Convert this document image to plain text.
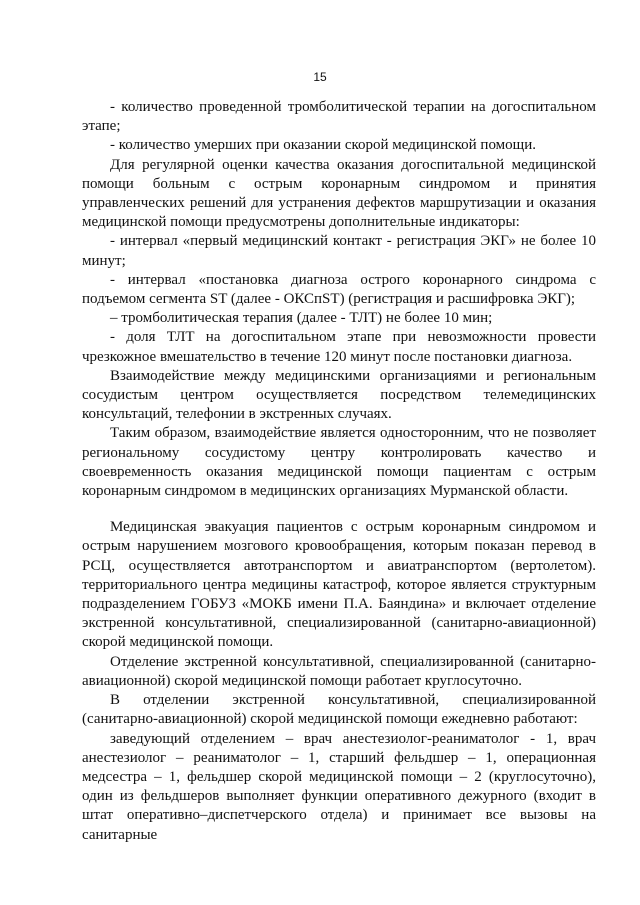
15

- количество проведенной тромболитической терапии на догоспитальном этапе;

- количество умерших при оказании скорой медицинской помощи.

Для регулярной оценки качества оказания догоспитальной медицинской помощи больным с острым коронарным синдромом и принятия управленческих решений для устранения дефектов маршрутизации и оказания медицинской помощи предусмотрены дополнительные индикаторы:

- интервал «первый медицинский контакт - регистрация ЭКГ» не более 10 минут;

- интервал «постановка диагноза острого коронарного синдрома с подъемом сегмента ST (далее - ОКСпST) (регистрация и расшифровка ЭКГ);

– тромболитическая терапия (далее - ТЛТ) не более 10 мин;

- доля ТЛТ на догоспитальном этапе при невозможности провести чрезкожное вмешательство в течение 120 минут после постановки диагноза.

Взаимодействие между медицинскими организациями и региональным сосудистым центром осуществляется посредством телемедицинских консультаций, телефонии в экстренных случаях.

Таким образом, взаимодействие является односторонним, что не позволяет региональному сосудистому центру контролировать качество и своевременность оказания медицинской помощи пациентам с острым коронарным синдромом в медицинских организациях Мурманской области.

Медицинская эвакуация пациентов с острым коронарным синдромом и острым нарушением мозгового кровообращения, которым показан перевод в РСЦ, осуществляется автотранспортом и авиатранспортом (вертолетом). территориального центра медицины катастроф, которое является структурным подразделением ГОБУЗ «МОКБ имени П.А. Баяндина» и включает отделение экстренной консультативной, специализированной (санитарно-авиационной) скорой медицинской помощи.

Отделение экстренной консультативной, специализированной (санитарно-авиационной) скорой медицинской помощи работает круглосуточно.

В отделении экстренной консультативной, специализированной (санитарно-авиационной) скорой медицинской помощи ежедневно работают:

заведующий отделением – врач анестезиолог-реаниматолог - 1, врач анестезиолог – реаниматолог – 1, старший фельдшер – 1, операционная медсестра – 1, фельдшер скорой медицинской помощи – 2 (круглосуточно), один из фельдшеров выполняет функции оперативного дежурного (входит в штат оперативно–диспетчерского отдела) и принимает все вызовы на санитарные
